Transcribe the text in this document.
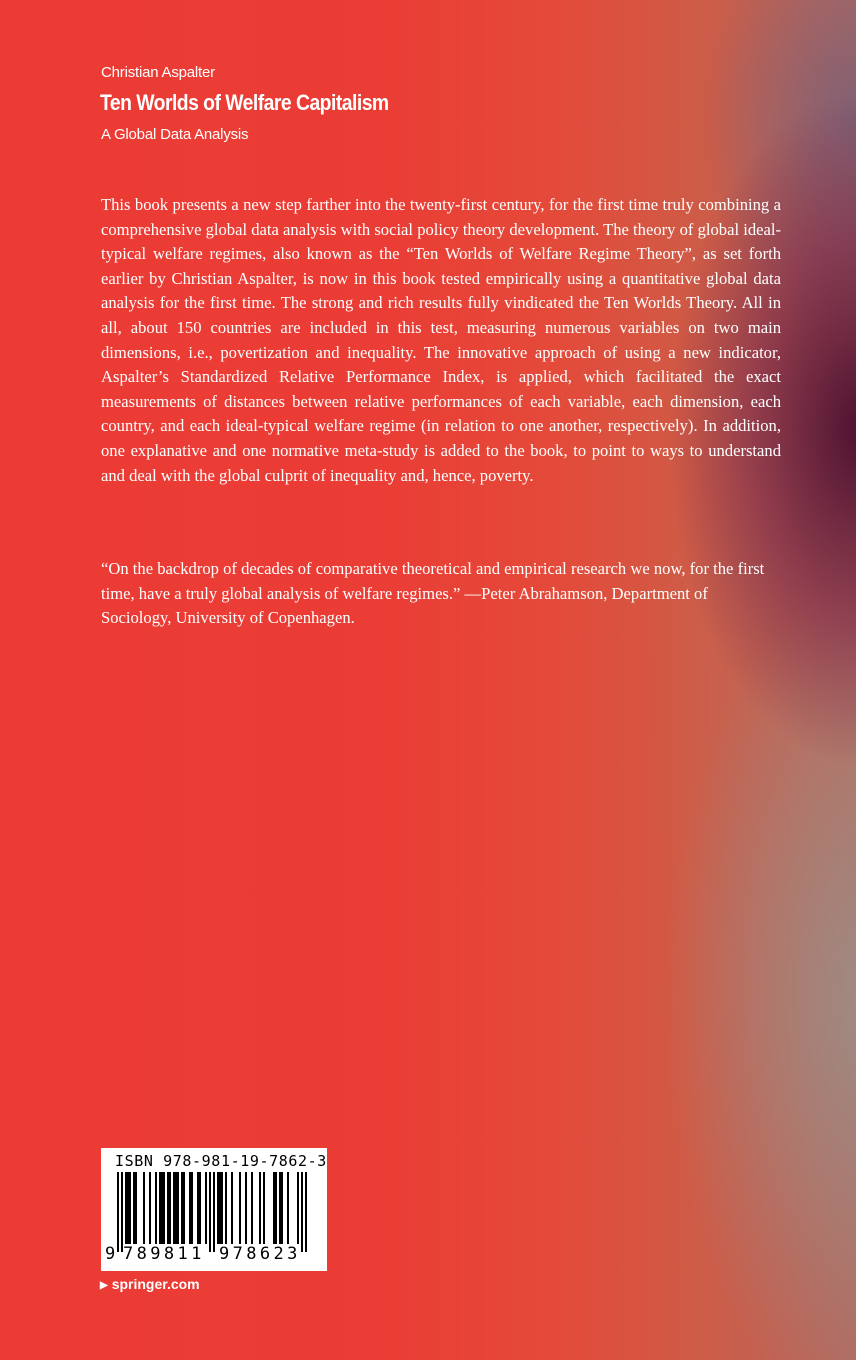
Christian Aspalter
Ten Worlds of Welfare Capitalism
A Global Data Analysis

This book presents a new step farther into the twenty-first century, for the first time truly combining a comprehensive global data analysis with social policy theory development. The theory of global ideal-typical welfare regimes, also known as the “Ten Worlds of Welfare Regime Theory”, as set forth earlier by Christian Aspalter, is now in this book tested empirically using a quantitative global data analysis for the first time. The strong and rich results fully vindicated the Ten Worlds Theory. All in all, about 150 countries are included in this test, measuring numerous variables on two main dimensions, i.e., povertization and inequality. The innovative approach of using a new indicator, Aspalter’s Standardized Relative Performance Index, is applied, which facilitated the exact measurements of distances between relative performances of each variable, each dimension, each country, and each ideal-typical welfare regime (in relation to one another, respectively). In addition, one explanative and one normative meta-study is added to the book, to point to ways to understand and deal with the global culprit of inequality and, hence, poverty.

“On the backdrop of decades of comparative theoretical and empirical research we now, for the first time, have a truly global analysis of welfare regimes.” —Peter Abrahamson, Department of Sociology, University of Copenhagen.

ISBN 978-981-19-7862-3
9 789811 978623
▶ springer.com
